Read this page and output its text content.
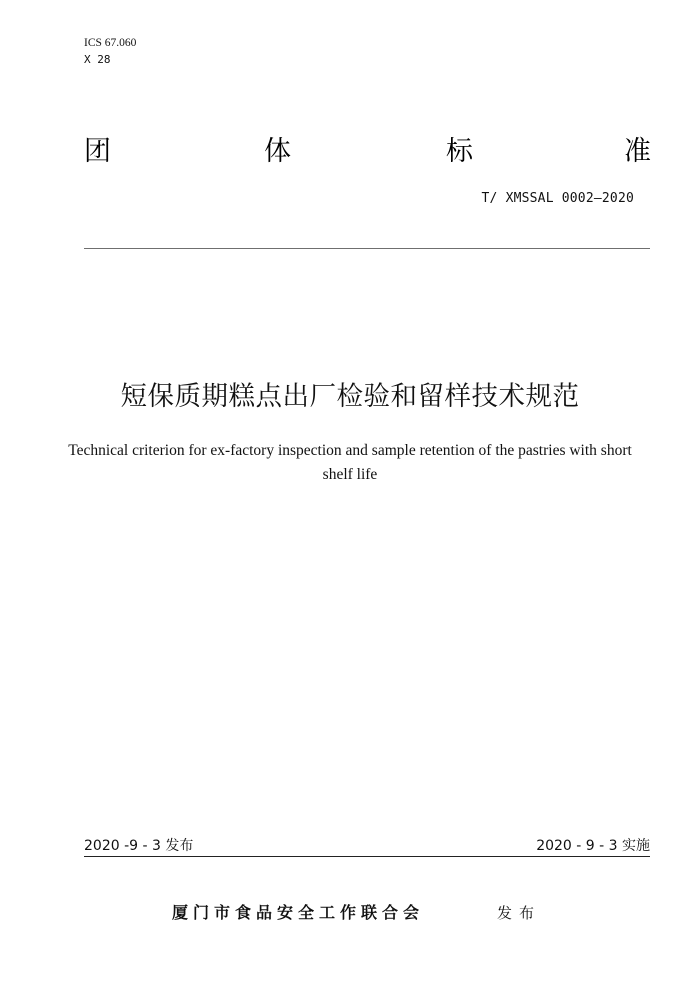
ICS 67.060
X 28
团	体	标	准
T/ XMSSAL 0002—2020
短保质期糕点出厂检验和留样技术规范
Technical criterion for ex-factory inspection and sample retention of the pastries with short shelf life
2020 -9 - 3 发布	2020 - 9 - 3 实施
厦门市食品安全工作联合会	发布
